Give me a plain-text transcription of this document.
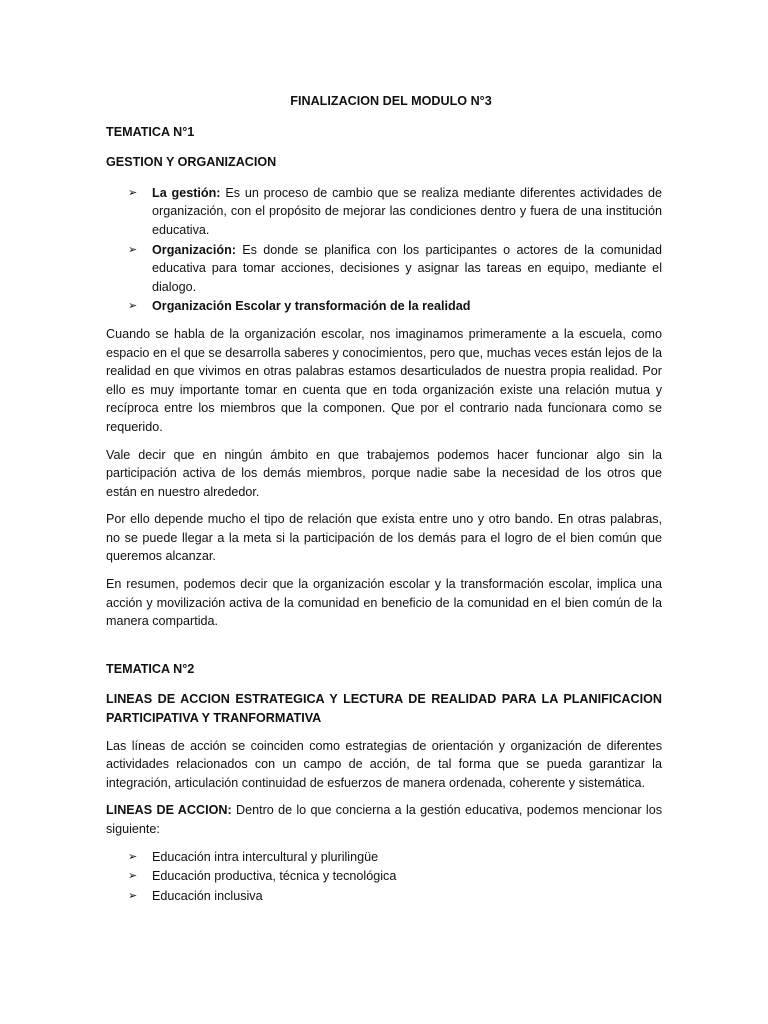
FINALIZACION DEL MODULO N°3
TEMATICA N°1
GESTION Y ORGANIZACION
➢ La gestión: Es un proceso de cambio que se realiza mediante diferentes actividades de organización, con el propósito de mejorar las condiciones dentro y fuera de una institución educativa.
➢ Organización: Es donde se planifica con los participantes o actores de la comunidad educativa para tomar acciones, decisiones y asignar las tareas en equipo, mediante el dialogo.
➢ Organización Escolar y transformación de la realidad

Cuando se habla de la organización escolar, nos imaginamos primeramente a la escuela, como espacio en el que se desarrolla saberes y conocimientos, pero que, muchas veces están lejos de la realidad en que vivimos en otras palabras estamos desarticulados de nuestra propia realidad. Por ello es muy importante tomar en cuenta que en toda organización existe una relación mutua y recíproca entre los miembros que la componen. Que por el contrario nada funcionara como se requerido.

Vale decir que en ningún ámbito en que trabajemos podemos hacer funcionar algo sin la participación activa de los demás miembros, porque nadie sabe la necesidad de los otros que están en nuestro alrededor.

Por ello depende mucho el tipo de relación que exista entre uno y otro bando. En otras palabras, no se puede llegar a la meta si la participación de los demás para el logro de el bien común que queremos alcanzar.

En resumen, podemos decir que la organización escolar y la transformación escolar, implica una acción y movilización activa de la comunidad en beneficio de la comunidad en el bien común de la manera compartida.

TEMATICA N°2
LINEAS DE ACCION ESTRATEGICA Y LECTURA DE REALIDAD PARA LA PLANIFICACION PARTICIPATIVA Y TRANFORMATIVA

Las líneas de acción se coinciden como estrategias de orientación y organización de diferentes actividades relacionados con un campo de acción, de tal forma que se pueda garantizar la integración, articulación continuidad de esfuerzos de manera ordenada, coherente y sistemática.

LINEAS DE ACCION: Dentro de lo que concierna a la gestión educativa, podemos mencionar los siguiente:

➢ Educación intra intercultural y plurilingüe
➢ Educación productiva, técnica y tecnológica
➢ Educación inclusiva
